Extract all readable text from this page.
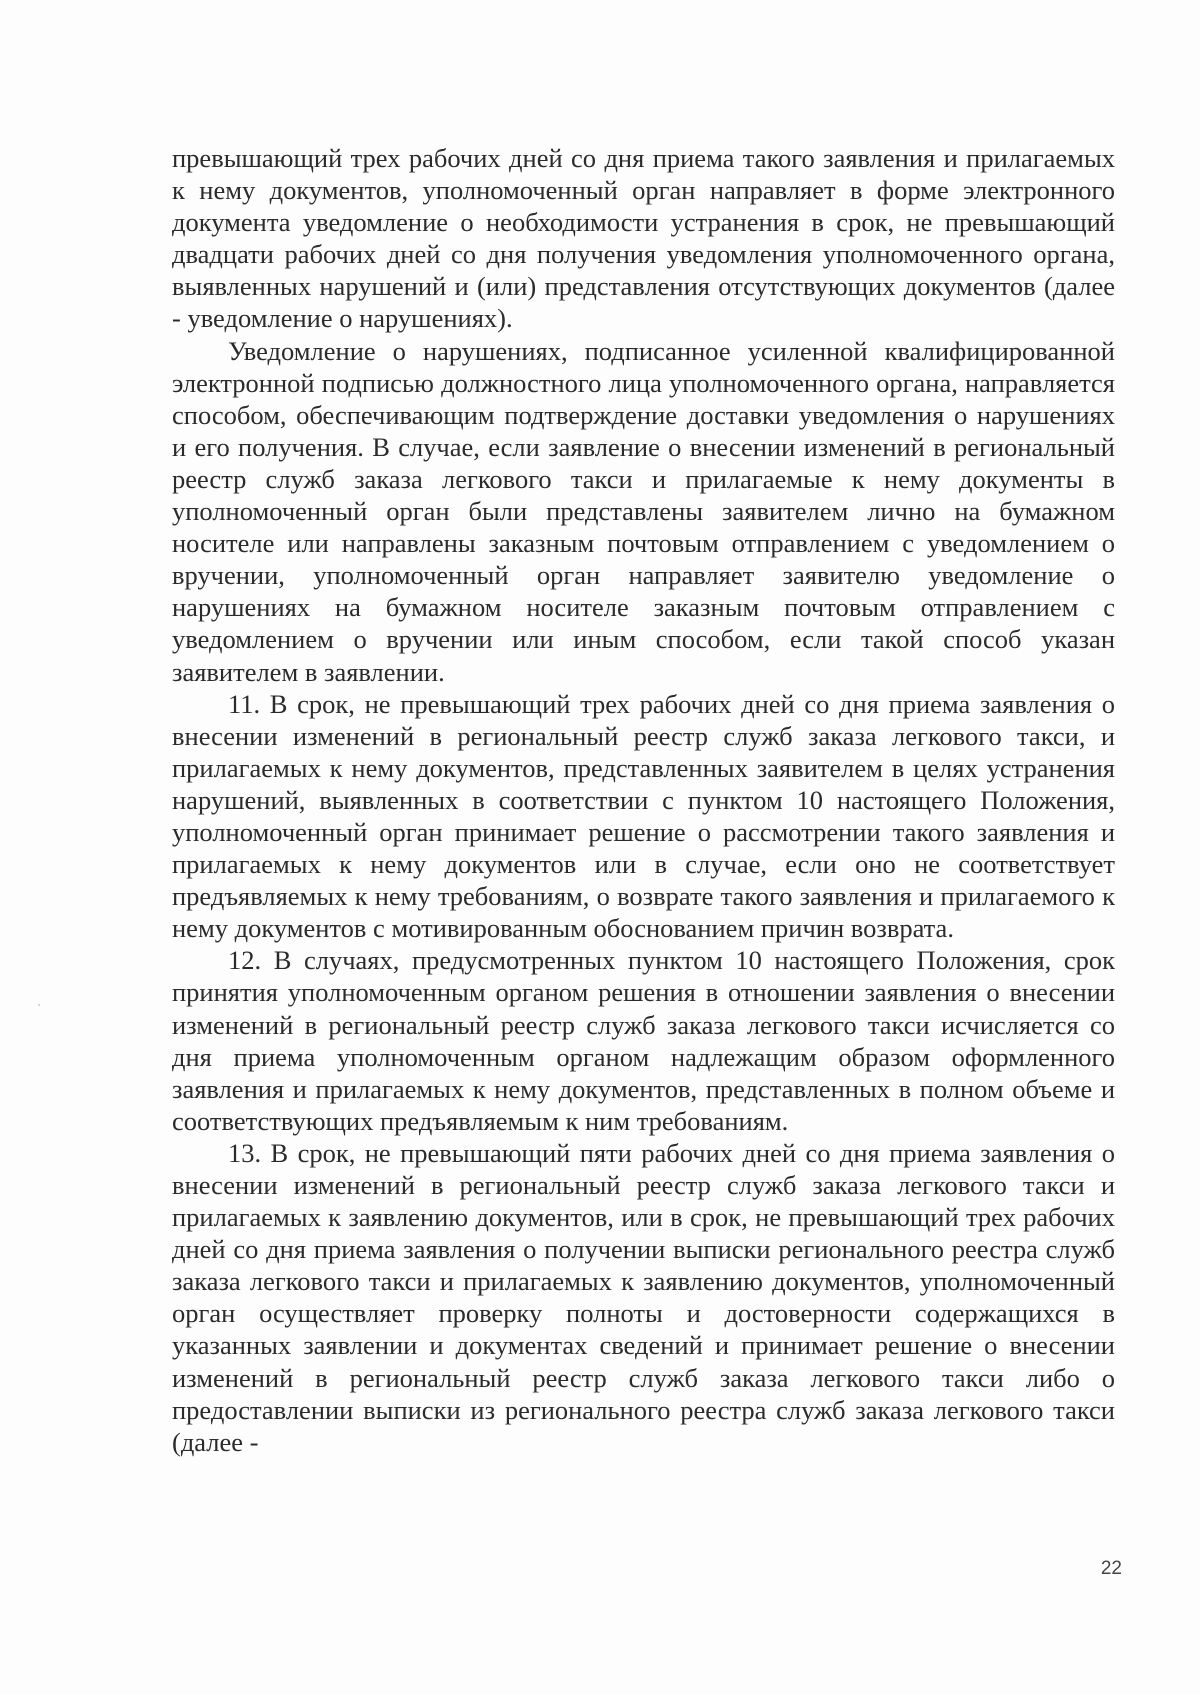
превышающий трех рабочих дней со дня приема такого заявления и прилагаемых к нему документов, уполномоченный орган направляет в форме электронного документа уведомление о необходимости устранения в срок, не превышающий двадцати рабочих дней со дня получения уведомления уполномоченного органа, выявленных нарушений и (или) представления отсутствующих документов (далее - уведомление о нарушениях).

Уведомление о нарушениях, подписанное усиленной квалифицированной электронной подписью должностного лица уполномоченного органа, направляется способом, обеспечивающим подтверждение доставки уведомления о нарушениях и его получения. В случае, если заявление о внесении изменений в региональный реестр служб заказа легкового такси и прилагаемые к нему документы в уполномоченный орган были представлены заявителем лично на бумажном носителе или направлены заказным почтовым отправлением с уведомлением о вручении, уполномоченный орган направляет заявителю уведомление о нарушениях на бумажном носителе заказным почтовым отправлением с уведомлением о вручении или иным способом, если такой способ указан заявителем в заявлении.

11. В срок, не превышающий трех рабочих дней со дня приема заявления о внесении изменений в региональный реестр служб заказа легкового такси, и прилагаемых к нему документов, представленных заявителем в целях устранения нарушений, выявленных в соответствии с пунктом 10 настоящего Положения, уполномоченный орган принимает решение о рассмотрении такого заявления и прилагаемых к нему документов или в случае, если оно не соответствует предъявляемых к нему требованиям, о возврате такого заявления и прилагаемого к нему документов с мотивированным обоснованием причин возврата.

12. В случаях, предусмотренных пунктом 10 настоящего Положения, срок принятия уполномоченным органом решения в отношении заявления о внесении изменений в региональный реестр служб заказа легкового такси исчисляется со дня приема уполномоченным органом надлежащим образом оформленного заявления и прилагаемых к нему документов, представленных в полном объеме и соответствующих предъявляемым к ним требованиям.

13. В срок, не превышающий пяти рабочих дней со дня приема заявления о внесении изменений в региональный реестр служб заказа легкового такси и прилагаемых к заявлению документов, или в срок, не превышающий трех рабочих дней со дня приема заявления о получении выписки регионального реестра служб заказа легкового такси и прилагаемых к заявлению документов, уполномоченный орган осуществляет проверку полноты и достоверности содержащихся в указанных заявлении и документах сведений и принимает решение о внесении изменений в региональный реестр служб заказа легкового такси либо о предоставлении выписки из регионального реестра служб заказа легкового такси (далее -

22
